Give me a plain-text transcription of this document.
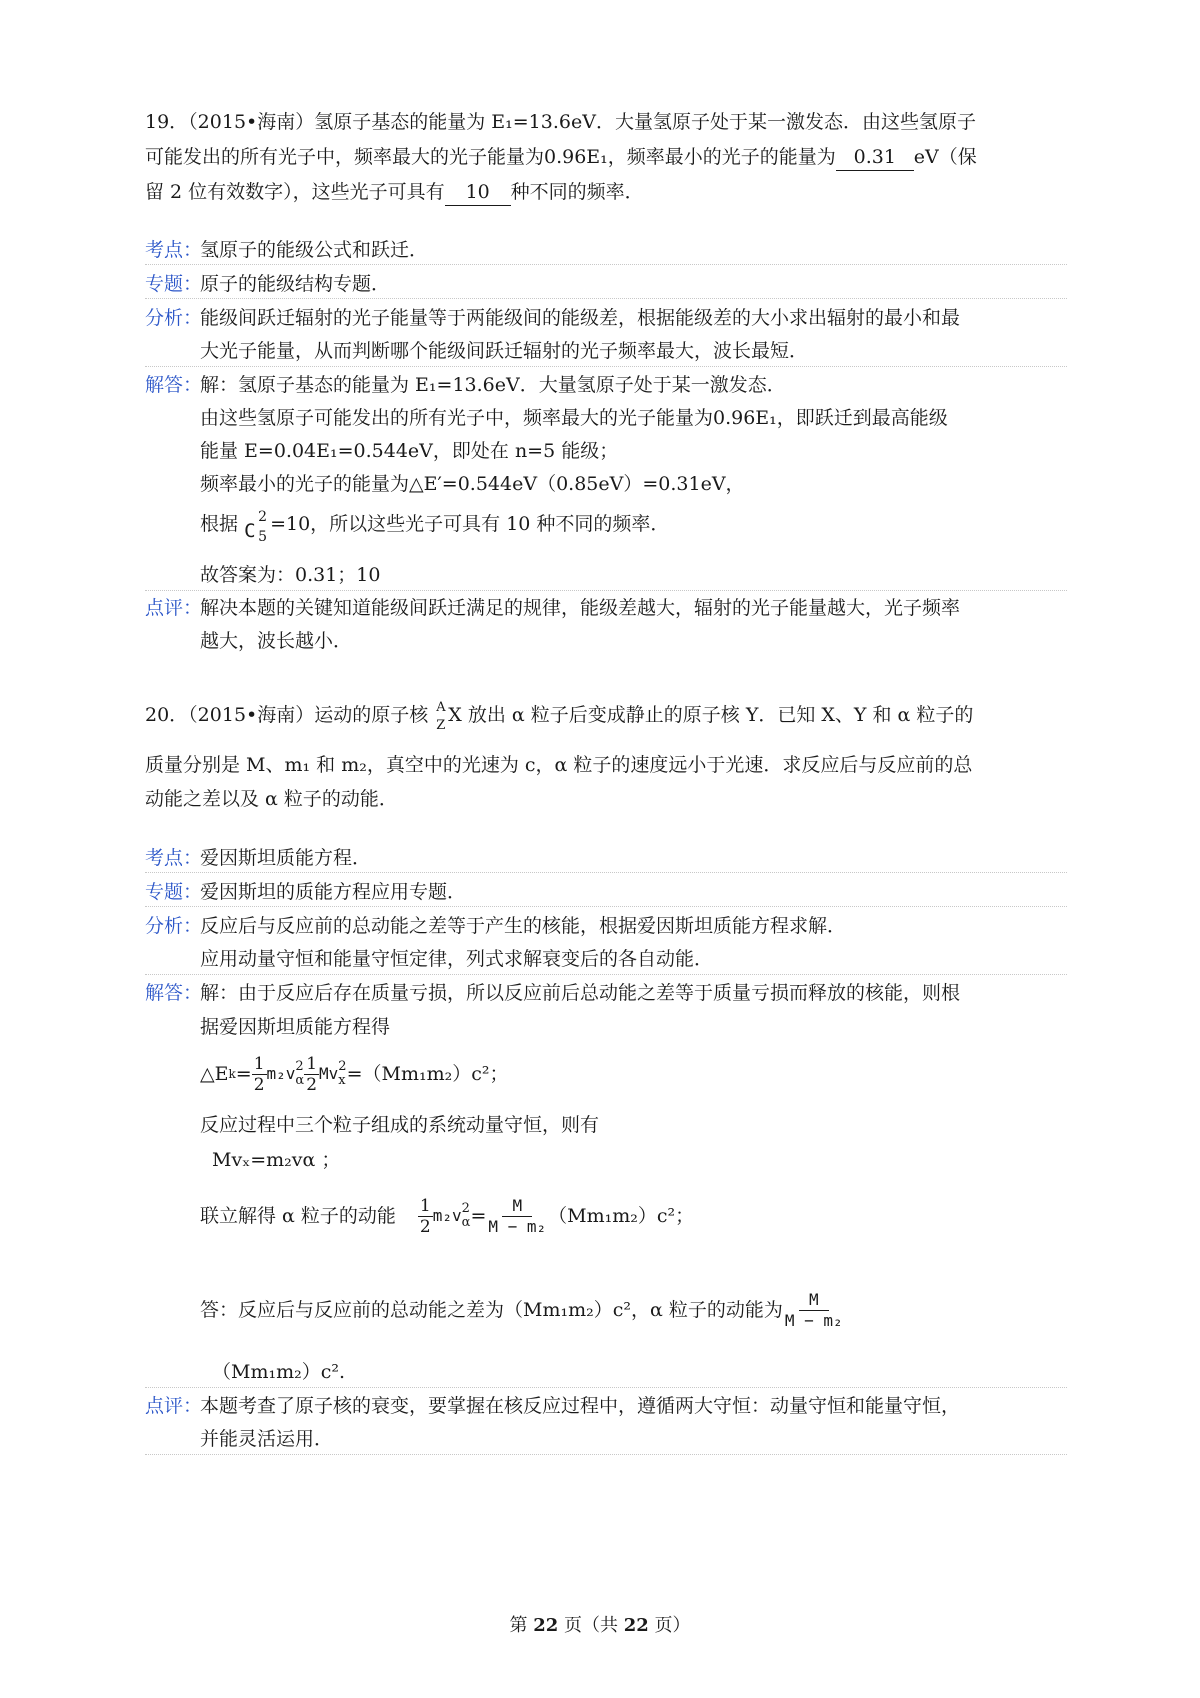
19．（2015•海南）氢原子基态的能量为 E₁=13.6eV．大量氢原子处于某一激发态．由这些氢原子
可能发出的所有光子中，频率最大的光子能量为0.96E₁，频率最小的光子的能量为 0.31 eV（保
留 2 位有效数字），这些光子可具有 10 种不同的频率．
考点：
氢原子的能级公式和跃迁．
专题：
原子的能级结构专题．
分析：
能级间跃迁辐射的光子能量等于两能级间的能级差，根据能级差的大小求出辐射的最小和最
大光子能量，从而判断哪个能级间跃迁辐射的光子频率最大，波长最短．
解答：
解：氢原子基态的能量为 E₁=13.6eV．大量氢原子处于某一激发态．
由这些氢原子可能发出的所有光子中，频率最大的光子能量为0.96E₁，即跃迁到最高能级
能量 E=0.04E₁=0.544eV，即处在 n=5 能级；
频率最小的光子的能量为△E′=0.544eV（0.85eV）=0.31eV，
根据 C
2
5
=10，所以这些光子可具有 10 种不同的频率．
故答案为：0.31；10
点评：
解决本题的关键知道能级间跃迁满足的规律，能级差越大，辐射的光子能量越大，光子频率
越大，波长越小．
20．（2015•海南）运动的原子核 A
Z X 放出 α 粒子后变成静止的原子核 Y．已知 X、Y 和 α 粒子的
质量分别是 M、m₁ 和 m₂，真空中的光速为 c，α 粒子的速度远小于光速．求反应后与反应前的总
动能之差以及 α 粒子的动能．
考点：
爱因斯坦质能方程．
专题：
爱因斯坦的质能方程应用专题．
分析：
反应后与反应前的总动能之差等于产生的核能，根据爱因斯坦质能方程求解．
应用动量守恒和能量守恒定律，列式求解衰变后的各自动能．
解答：
解：由于反应后存在质量亏损，所以反应前后总动能之差等于质量亏损而释放的核能，则根
据爱因斯坦质能方程得
△E $k = \frac{1}{2} m_2v$ 2
α $\frac{1}{2}$ Mv 2
x =（Mm₁m₂）c²；
反应过程中三个粒子组成的系统动量守恒，则有
Mvₓ=m₂vα ；
联立解得 α 粒子的动能 $\frac{1}{2} m_2v$ 2
$\alpha = \frac{M}{\text{M − m₂}} (Mm_1m_2)c^2$；
答：反应后与反应前的总动能之差为（Mm₁m₂）c²，α 粒子的动能为 $\frac{M}{\text{M − m₂}}$
（Mm₁m₂）c².
点评：
本题考查了原子核的衰变，要掌握在核反应过程中，遵循两大守恒：动量守恒和能量守恒，
并能灵活运用．
第 22 页（共 22 页）
